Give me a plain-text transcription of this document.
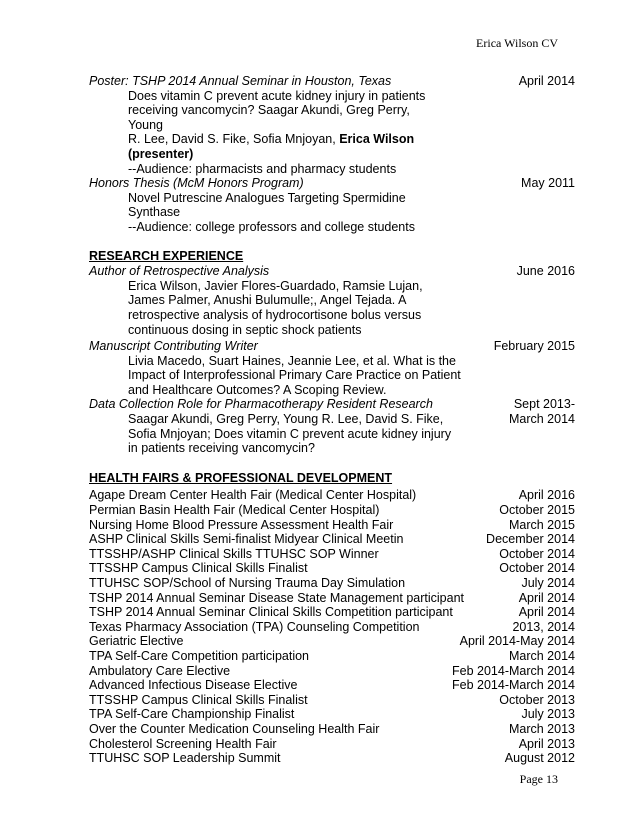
Erica Wilson CV
Poster: TSHP 2014 Annual Seminar in Houston, Texas	April 2014
Does vitamin C prevent acute kidney injury in patients
receiving vancomycin? Saagar Akundi, Greg Perry, Young
R. Lee, David S. Fike, Sofia Mnjoyan, Erica Wilson
(presenter)
--Audience: pharmacists and pharmacy students
Honors Thesis (McM Honors Program)	May 2011
Novel Putrescine Analogues Targeting Spermidine
Synthase
--Audience: college professors and college students
RESEARCH EXPERIENCE
Author of Retrospective Analysis	June 2016
Erica Wilson, Javier Flores-Guardado, Ramsie Lujan,
James Palmer, Anushi Bulumulle;, Angel Tejada. A
retrospective analysis of hydrocortisone bolus versus
continuous dosing in septic shock patients
Manuscript Contributing Writer	February 2015
Livia Macedo, Suart Haines, Jeannie Lee, et al. What is the
Impact of Interprofessional Primary Care Practice on Patient
and Healthcare Outcomes? A Scoping Review.
Data Collection Role for Pharmacotherapy Resident Research	Sept 2013-
March 2014
Saagar Akundi, Greg Perry, Young R. Lee, David S. Fike,
Sofia Mnjoyan; Does vitamin C prevent acute kidney injury
in patients receiving vancomycin?
HEALTH FAIRS & PROFESSIONAL DEVELOPMENT
Agape Dream Center Health Fair (Medical Center Hospital)	April 2016
Permian Basin Health Fair (Medical Center Hospital)	October 2015
Nursing Home Blood Pressure Assessment Health Fair	March 2015
ASHP Clinical Skills Semi-finalist Midyear Clinical Meetin	December 2014
TTSSHP/ASHP Clinical Skills TTUHSC SOP Winner	October 2014
TTSSHP Campus Clinical Skills Finalist	October 2014
TTUHSC SOP/School of Nursing Trauma Day Simulation	July 2014
TSHP 2014 Annual Seminar Disease State Management participant	April 2014
TSHP 2014 Annual Seminar Clinical Skills Competition participant	April 2014
Texas Pharmacy Association (TPA) Counseling Competition	2013, 2014
Geriatric Elective	April 2014-May 2014
TPA Self-Care Competition participation	March 2014
Ambulatory Care Elective	Feb 2014-March 2014
Advanced Infectious Disease Elective	Feb 2014-March 2014
TTSSHP Campus Clinical Skills Finalist	October 2013
TPA Self-Care Championship Finalist	July 2013
Over the Counter Medication Counseling Health Fair	March 2013
Cholesterol Screening Health Fair	April 2013
TTUHSC SOP Leadership Summit	August 2012
Page 13
